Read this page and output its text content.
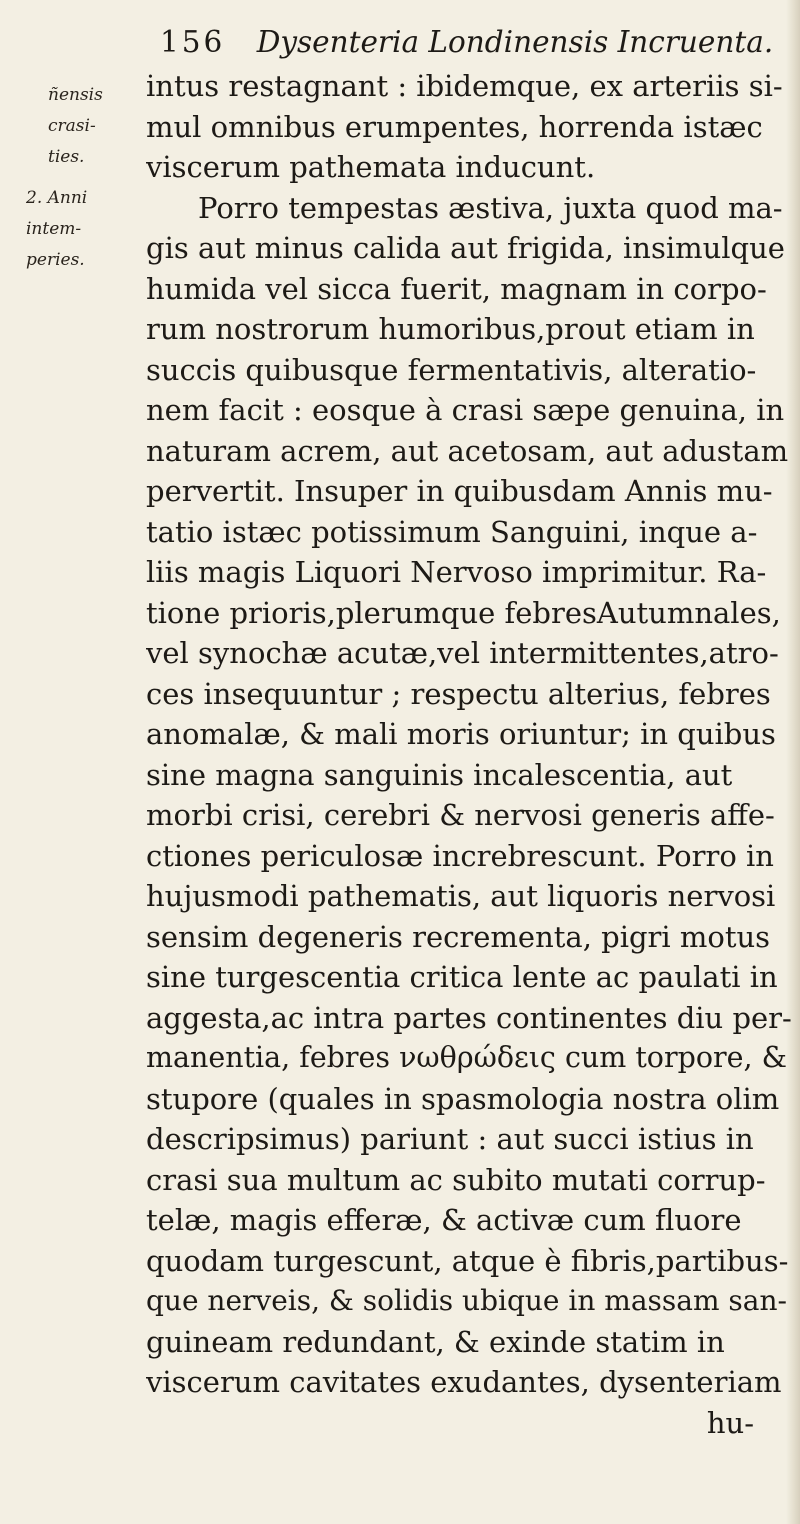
156 Dysenteria Londinensis Incruenta.
ñensis
crasi-
ties.
2. Anni
intem-
peries.
intus restagnant : ibidemque, ex arteriis si-
mul omnibus erumpentes, horrenda istæc
viscerum pathemata inducunt.
Porro tempestas æstiva, juxta quod ma-
gis aut minus calida aut frigida, insimulque
humida vel sicca fuerit, magnam in corpo-
rum nostrorum humoribus,prout etiam in
succis quibusque fermentativis, alteratio-
nem facit : eosque à crasi sæpe genuina, in
naturam acrem, aut acetosam, aut adustam
pervertit. Insuper in quibusdam Annis mu-
tatio istæc potissimum Sanguini, inque a-
liis magis Liquori Nervoso imprimitur. Ra-
tione prioris,plerumque febresAutumnales,
vel synochæ acutæ,vel intermittentes,atro-
ces insequuntur ; respectu alterius, febres
anomalæ, & mali moris oriuntur; in quibus
sine magna sanguinis incalescentia, aut
morbi crisi, cerebri & nervosi generis affe-
ctiones periculosæ increbrescunt. Porro in
hujusmodi pathematis, aut liquoris nervosi
sensim degeneris recrementa, pigri motus
sine turgescentia critica lente ac paulati in
aggesta,ac intra partes continentes diu per-
manentia, febres νωθρώδεις cum torpore, &
stupore (quales in spasmologia nostra olim
descripsimus) pariunt : aut succi istius in
crasi sua multum ac subito mutati corrup-
telæ, magis efferæ, & activæ cum fluore
quodam turgescunt, atque è fibris,partibus-
que nerveis, & solidis ubique in massam san-
guineam redundant, & exinde statim in
viscerum cavitates exudantes, dysenteriam
hu-
